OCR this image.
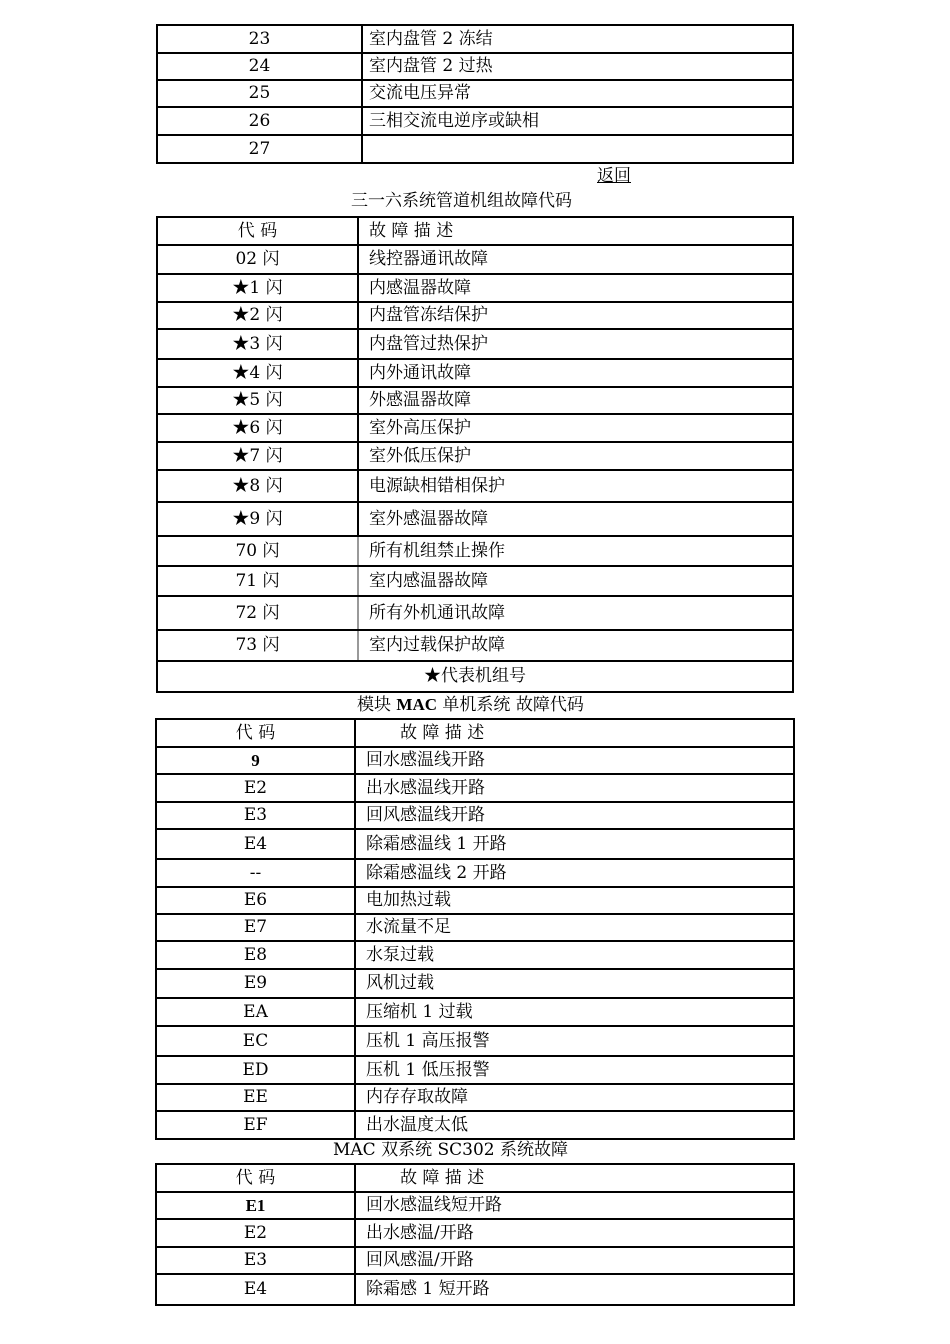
23	室内盘管 2 冻结
24	室内盘管 2 过热
25	交流电压异常
26	三相交流电逆序或缺相
27
返回
三一六系统管道机组故障代码
代 码	故 障 描 述
02 闪	线控器通讯故障
★1 闪	内感温器故障
★2 闪	内盘管冻结保护
★3 闪	内盘管过热保护
★4 闪	内外通讯故障
★5 闪	外感温器故障
★6 闪	室外高压保护
★7 闪	室外低压保护
★8 闪	电源缺相错相保护
★9 闪	室外感温器故障
70 闪	所有机组禁止操作
71 闪	室内感温器故障
72 闪	所有外机通讯故障
73 闪	室内过载保护故障
★代表机组号
模块 MAC 单机系统 故障代码
代 码	故 障 描 述
9	回水感温线开路
E2	出水感温线开路
E3	回风感温线开路
E4	除霜感温线 1 开路
--	除霜感温线 2 开路
E6	电加热过载
E7	水流量不足
E8	水泵过载
E9	风机过载
EA	压缩机 1 过载
EC	压机 1 高压报警
ED	压机 1 低压报警
EE	内存存取故障
EF	出水温度太低
MAC 双系统 SC302 系统故障
代 码	故 障 描 述
E1	回水感温线短开路
E2	出水感温/开路
E3	回风感温/开路
E4	除霜感 1 短开路
